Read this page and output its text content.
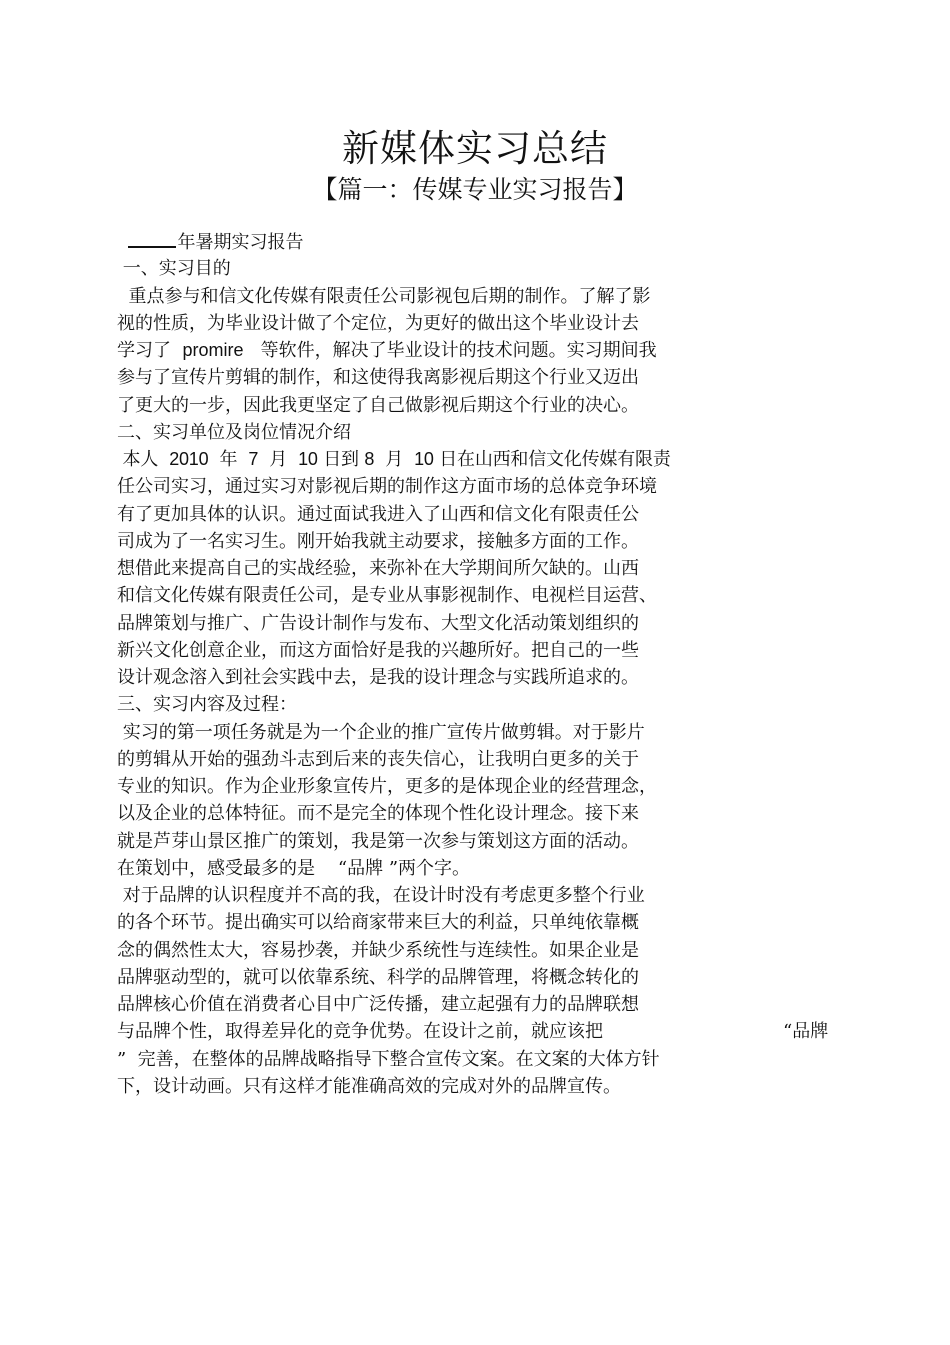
新媒体实习总结
【篇一：传媒专业实习报告】
年暑期实习报告
一、实习目的
重点参与和信文化传媒有限责任公司影视包后期的制作。了解了影
视的性质，为毕业设计做了个定位，为更好的做出这个毕业设计去
学习了 promire 等软件，解决了毕业设计的技术问题。实习期间我
参与了宣传片剪辑的制作，和这使得我离影视后期这个行业又迈出
了更大的一步，因此我更坚定了自己做影视后期这个行业的决心。
二、实习单位及岗位情况介绍
本人 2010 年 7 月 10 日到 8 月 10 日在山西和信文化传媒有限责
任公司实习，通过实习对影视后期的制作这方面市场的总体竞争环境
有了更加具体的认识。通过面试我进入了山西和信文化有限责任公
司成为了一名实习生。刚开始我就主动要求，接触多方面的工作。
想借此来提高自己的实战经验，来弥补在大学期间所欠缺的。山西
和信文化传媒有限责任公司，是专业从事影视制作、电视栏目运营、
品牌策划与推广、广告设计制作与发布、大型文化活动策划组织的
新兴文化创意企业，而这方面恰好是我的兴趣所好。把自己的一些
设计观念溶入到社会实践中去，是我的设计理念与实践所追求的。
三、实习内容及过程：
实习的第一项任务就是为一个企业的推广宣传片做剪辑。对于影片
的剪辑从开始的强劲斗志到后来的丧失信心，让我明白更多的关于
专业的知识。作为企业形象宣传片，更多的是体现企业的经营理念，
以及企业的总体特征。而不是完全的体现个性化设计理念。接下来
就是芦芽山景区推广的策划，我是第一次参与策划这方面的活动。
在策划中，感受最多的是 “品牌 ”两个字。
对于品牌的认识程度并不高的我，在设计时没有考虑更多整个行业
的各个环节。提出确实可以给商家带来巨大的利益，只单纯依靠概
念的偶然性太大，容易抄袭，并缺少系统性与连续性。如果企业是
品牌驱动型的，就可以依靠系统、科学的品牌管理，将概念转化的
品牌核心价值在消费者心目中广泛传播，建立起强有力的品牌联想
与品牌个性，取得差异化的竞争优势。在设计之前，就应该把	“品牌
” 完善，在整体的品牌战略指导下整合宣传文案。在文案的大体方针
下，设计动画。只有这样才能准确高效的完成对外的品牌宣传。
